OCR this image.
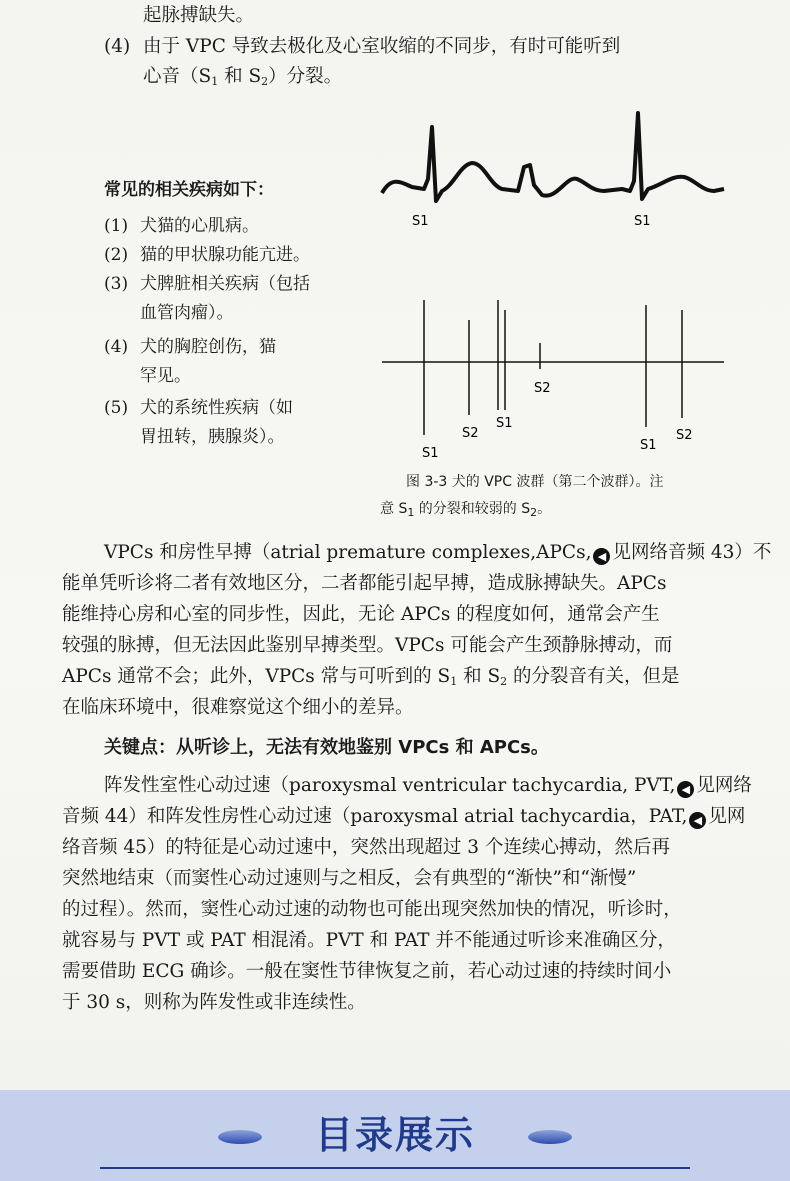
起脉搏缺失。
(4) 由于 VPC 导致去极化及心室收缩的不同步，有时可能听到
心音（$S_1$ 和 $S_2$）分裂。
常见的相关疾病如下：
(1) 犬猫的心肌病。
(2) 猫的甲状腺功能亢进。
(3) 犬脾脏相关疾病（包括
血管肉瘤）。
(4) 犬的胸腔创伤，猫
罕见。
(5) 犬的系统性疾病（如
胃扭转，胰腺炎）。
S1	S1
S1
S2
S1
S2
S1
S2
图 3-3 犬的 VPC 波群（第二个波群）。注
意 $S_1$ 的分裂和较弱的 $S_2$。
VPCs 和房性早搏（atrial premature complexes,APCs, ◀ 见网络音频 43）不
能单凭听诊将二者有效地区分，二者都能引起早搏，造成脉搏缺失。APCs
能维持心房和心室的同步性，因此，无论 APCs 的程度如何，通常会产生
较强的脉搏，但无法因此鉴别早搏类型。VPCs 可能会产生颈静脉搏动，而
APCs 通常不会；此外，VPCs 常与可听到的 $S_1$ 和 $S_2$ 的分裂音有关，但是
在临床环境中，很难察觉这个细小的差异。
关键点：从听诊上，无法有效地鉴别 VPCs 和 APCs。
阵发性室性心动过速（paroxysmal ventricular tachycardia, PVT, ◀ 见网络
音频 44）和阵发性房性心动过速（paroxysmal atrial tachycardia，PAT, ◀ 见网
络音频 45）的特征是心动过速中，突然出现超过 3 个连续心搏动，然后再
突然地结束（而窦性心动过速则与之相反，会有典型的“渐快”和“渐慢”
的过程）。然而，窦性心动过速的动物也可能出现突然加快的情况，听诊时，
就容易与 PVT 或 PAT 相混淆。PVT 和 PAT 并不能通过听诊来准确区分，
需要借助 ECG 确诊。一般在窦性节律恢复之前，若心动过速的持续时间小
于 30 s，则称为阵发性或非连续性。
目录展示
